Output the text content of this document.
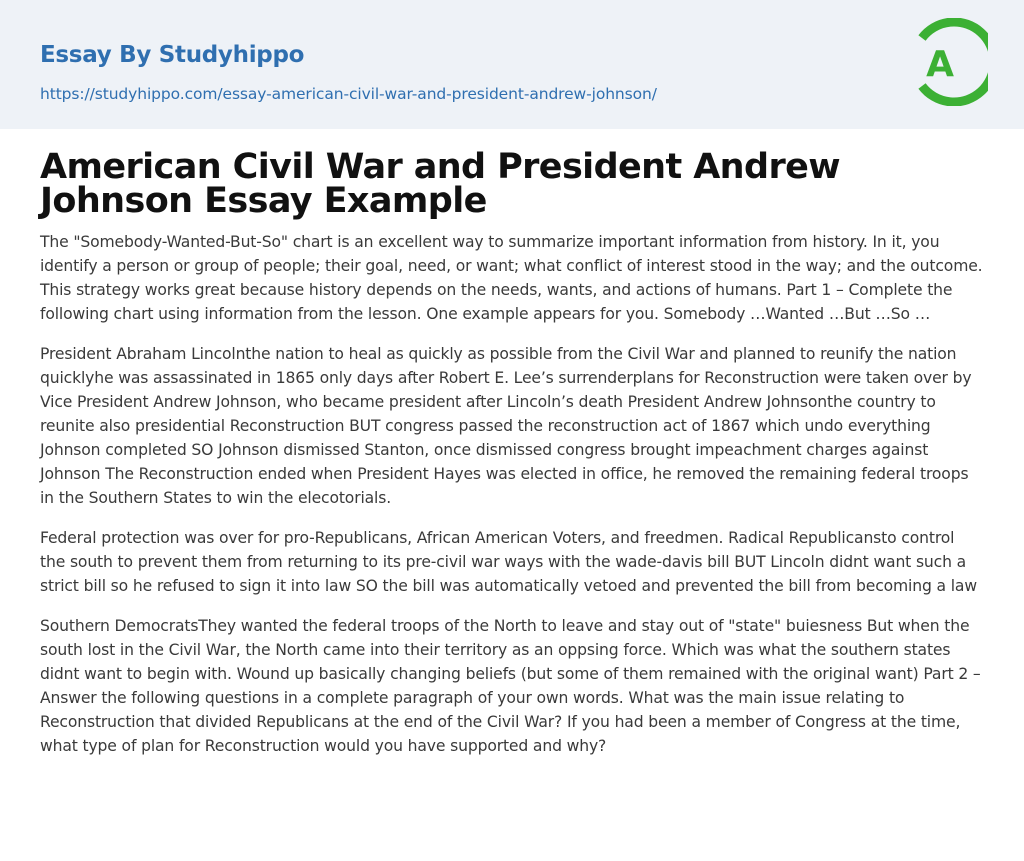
Essay By Studyhippo
https://studyhippo.com/essay-american-civil-war-and-president-andrew-johnson/
A
American Civil War and President Andrew Johnson Essay Example

The "Somebody-Wanted-But-So" chart is an excellent way to summarize important information from history. In it, you identify a person or group of people; their goal, need, or want; what conflict of interest stood in the way; and the outcome. This strategy works great because history depends on the needs, wants, and actions of humans. Part 1 – Complete the following chart using information from the lesson. One example appears for you. Somebody …Wanted …But …So …

President Abraham Lincolnthe nation to heal as quickly as possible from the Civil War and planned to reunify the nation quicklyhe was assassinated in 1865 only days after Robert E. Lee’s surrenderplans for Reconstruction were taken over by Vice President Andrew Johnson, who became president after Lincoln’s death President Andrew Johnsonthe country to reunite also presidential Reconstruction BUT congress passed the reconstruction act of 1867 which undo everything Johnson completed SO Johnson dismissed Stanton, once dismissed congress brought impeachment charges against Johnson The Reconstruction ended when President Hayes was elected in office, he removed the remaining federal troops in the Southern States to win the elecotorials.

Federal protection was over for pro-Republicans, African American Voters, and freedmen. Radical Republicansto control the south to prevent them from returning to its pre-civil war ways with the wade-davis bill BUT Lincoln didnt want such a strict bill so he refused to sign it into law SO the bill was automatically vetoed and prevented the bill from becoming a law

Southern DemocratsThey wanted the federal troops of the North to leave and stay out of "state" buiesness But when the south lost in the Civil War, the North came into their territory as an oppsing force. Which was what the southern states didnt want to begin with. Wound up basically changing beliefs (but some of them remained with the original want) Part 2 – Answer the following questions in a complete paragraph of your own words. What was the main issue relating to Reconstruction that divided Republicans at the end of the Civil War? If you had been a member of Congress at the time, what type of plan for Reconstruction would you have supported and why?
